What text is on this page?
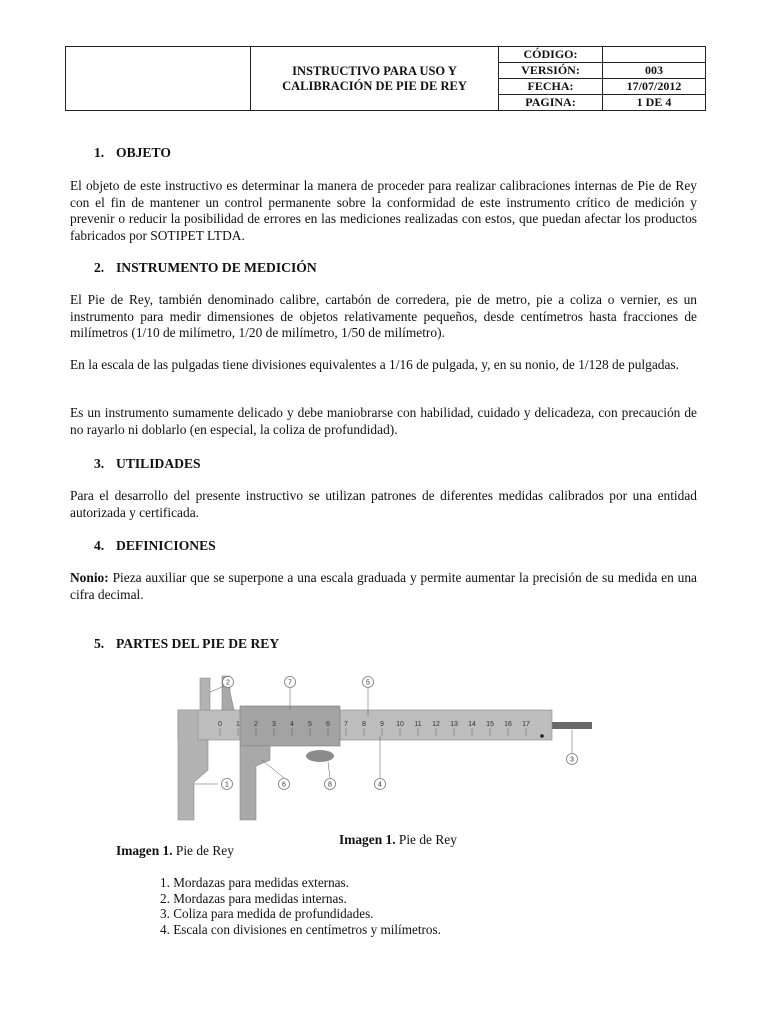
	INSTRUCTIVO PARA USO Y
CALIBRACIÓN DE PIE DE REY	CÓDIGO:	
		VERSIÓN:	003
		FECHA:	17/07/2012
		PAGINA:	1 DE 4
1. OBJETO

El objeto de este instructivo es determinar la manera de proceder para realizar calibraciones internas de Pie de Rey con el fin de mantener un control permanente sobre la conformidad de este instrumento crítico de medición y prevenir o reducir la posibilidad de errores en las mediciones realizadas con estos, que puedan afectar los productos fabricados por SOTIPET LTDA.

2. INSTRUMENTO DE MEDICIÓN

El Pie de Rey, también denominado calibre, cartabón de corredera, pie de metro, pie a coliza o vernier, es un instrumento para medir dimensiones de objetos relativamente pequeños, desde centímetros hasta fracciones de milímetros (1/10 de milímetro, 1/20 de milímetro, 1/50 de milímetro).

En la escala de las pulgadas tiene divisiones equivalentes a 1/16 de pulgada, y, en su nonio, de 1/128 de pulgadas.

Es un instrumento sumamente delicado y debe maniobrarse con habilidad, cuidado y delicadeza, con precaución de no rayarlo ni doblarlo (en especial, la coliza de profundidad).

3. UTILIDADES

Para el desarrollo del presente instructivo se utilizan patrones de diferentes medidas calibrados por una entidad autorizada y certificada.

4. DEFINICIONES

Nonio: Pieza auxiliar que se superpone a una escala graduada y permite aumentar la precisión de su medida en una cifra decimal.

5. PARTES DEL PIE DE REY
0 1 2 3 4 5 6 7 8 9 10 11 12 13 14 15 16 17
2	7	5
3
1	6	8	4
Imagen 1. Pie de Rey
Imagen 1. Pie de Rey
1. Mordazas para medidas externas.
2. Mordazas para medidas internas.
3. Coliza para medida de profundidades.
4. Escala con divisiones en centímetros y milímetros.
